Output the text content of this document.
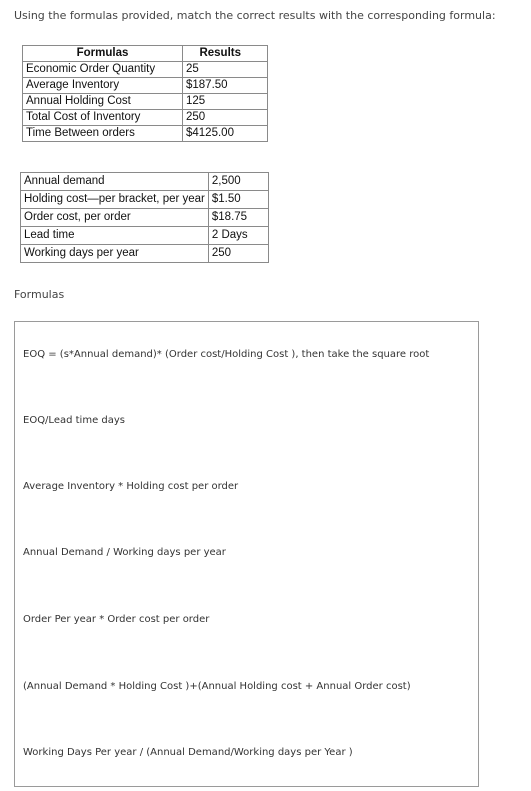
Using the formulas provided, match the correct results with the corresponding formula:
Formulas	Results
Economic Order Quantity	25
Average Inventory	$187.50
Annual Holding Cost	125
Total Cost of Inventory	250
Time Between orders	$4125.00
Annual demand	2,500
Holding cost—per bracket, per year	$1.50
Order cost, per order	$18.75
Lead time	2 Days
Working days per year	250
Formulas
EOQ = (s*Annual demand)* (Order cost/Holding Cost ), then take the square root
EOQ/Lead time days
Average Inventory * Holding cost per order
Annual Demand / Working days per year
Order Per year * Order cost per order
(Annual Demand * Holding Cost )+(Annual Holding cost + Annual Order cost)
Working Days Per year / (Annual Demand/Working days per Year )
